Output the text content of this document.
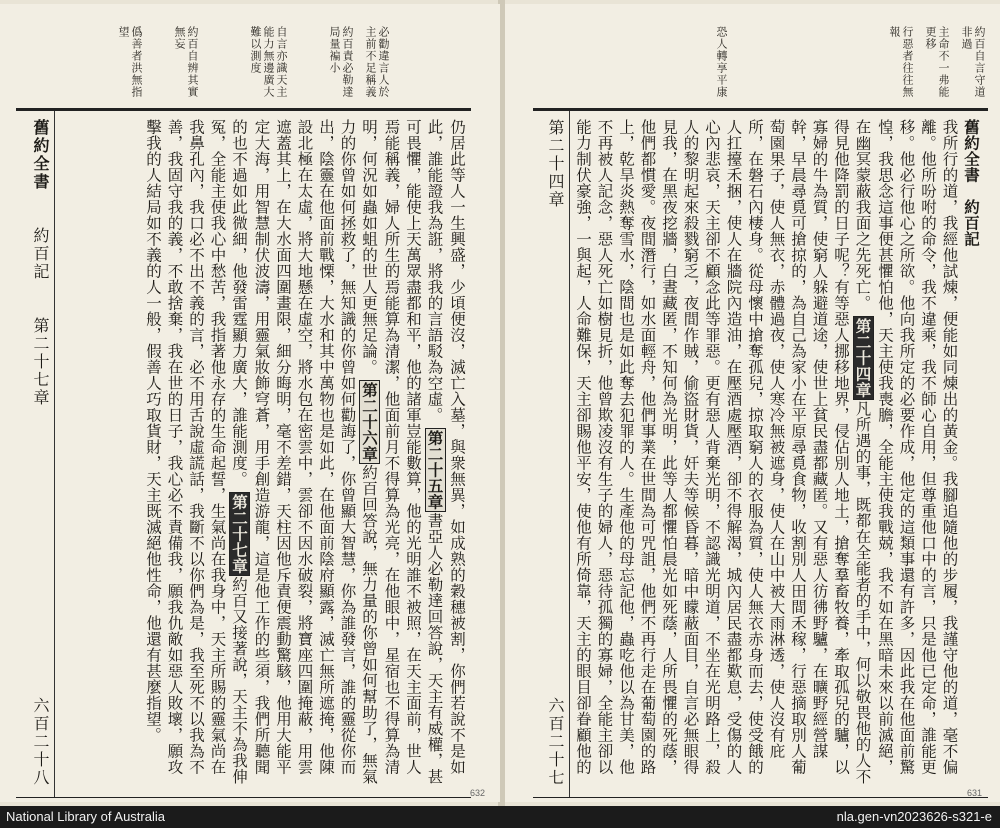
約百自言守道非過
主命不一弗能更移
行惡者往往無報
恐人轉享平康
舊約全書　約百記
我所行的道，我經他試煉，便能如同煉出的黃金。我腳追隨他的步履，我謹守他的道，毫不偏離。他所吩咐的命令，我不違乘，我不師心自用，但尊重他口中的言，只是他已定命，誰能更移。他必行他心之所欲。他向我所定的必要作成，他定的這類事還有許多，因此我在他面前驚惶，我思念這事便甚懼怕他，天主使我喪膽，全能主使我戰兢，我不如在黑暗未來以前滅絕，在幽冥蒙蔽我面之先死亡。 第二十四章凡所遇的事，既都在全能者的手中，何以敬畏他的人不得見他降罰的日子呢？有等惡人挪移地界，侵佔別人地土，搶奪羣畜牧養，牽取孤兒的驢，以寡婦的牛為質，使窮人躲避道途，使世上貧民盡都藏匿。又有惡人彷彿野驢，在曠野經營謀幹，早晨尋覓可搶掠的，為自己為家小在平原尋覓食物，收割別人田間禾稼，行惡摘取別人葡萄園果子，使人無衣，赤體過夜，使人寒冷無被遮身，使人在山中被大雨淋透，使人沒有庇所，在磐石內棲身。從母懷中搶奪孤兒，掠取窮人的衣服為質，使人無衣赤身而去，使受餓的人扛擡禾捆，使人在牆院內造油，在壓酒處壓酒，卻不得解渴，城內居民盡都歎息，受傷的人心內悲哀，天主卻不顧念此等罪惡。更有惡人背棄光明，不認識光明道，不坐在光明路上，殺人的黎明起來殺戮窮乏，夜間作賊，偷盜財貨，奸夫等候昏暮，暗中矇蔽面目，自言必無眼得見我，在黑夜挖牆，白晝藏匿，不知何為光明，此等人都懼怕晨光如死蔭，人所畏懼的死蔭，他們都慣愛。夜間潛行，如水面輕舟，他們事業在世間為可咒詛，他們不再行走在葡萄園的路上，乾旱炎熱奪雪水，陰間也是如此奪去犯罪的人。生產他的母忘記他，蟲吃他以為甘美，他不再被人記念，惡人死亡如樹見折，他曾欺凌沒有生子的婦人，惡待孤獨的寡婦，全能主卻以能力制伏豪強，一與起，人命難保，天主卻賜他平安，使他有所倚靠，天主的眼目卻眷顧他的
第二十四章
六百二十七
631
必勸違言人於主前不足稱義
約百責必勒達局量褊小
自言亦識天主能力無邊廣大難以測度
約百自辨其實無妄
僞善者洪無指望
仍居此等人一生興盛，少頃便沒，滅亡入墓，與衆無異，如成熟的穀穗被割，你們若說不是如此，誰能證我為誑，將我的言語駁為空虛。 第二十五章書亞人必勒達回答說，天主有威權，甚可畏懼，能使上天萬眾盡都和平，他的諸軍豈能數算，他的光明誰不被照，在天主面前，世人焉能稱義，婦人所生的焉能算為清潔，他面前月不得算為光亮，在他眼中，星宿也不得算為清明，何況如蟲如蛆的世人更無足論。 第二十六章約百回答說，無力量的你曾如何幫助了，無氣力的你曾如何拯救了，無知識的你曾如何勸誨了，你曾顯大智慧，你為誰發言，誰的靈從你而出，陰靈在他面前戰慄，大水和其中萬物也是如此，在他面前陰府顯露，滅亡無所遮掩，他陳設北極在太虛，將大地懸在虛空，將水包在密雲中，雲卻不因水破裂，將寶座四圍掩蔽，用雲遮蓋其上，在大水面四圍畫限，細分晦明，毫不差錯，天柱因他斥責便震動驚駭，他用大能平定大海，用智慧制伏波濤，用靈氣妝飾穹蒼，用手創造游龍，這是他工作的些須，我們所聽聞的也不過如此微細，他發雷霆顯力廣大，誰能測度。 第二十七章約百又接著說，天主不為我伸冤，全能主使我心中愁苦，我指著他永存的生命起誓，生氣尚在我身中，天主所賜的靈氣尚在我鼻孔內，我口必不出不義的言，必不用舌說虛謊話，我斷不以你們為是，我至死不以我為不善，我固守我的義，不敢捨棄，我在世的日子，我心必不責備我，願我仇敵如惡人敗壞，願攻擊我的人結局如不義的人一般，假善人巧取貨財，天主既滅絕他性命，他還有甚麼指望。
舊約全書　　約百記　　第二十七章
六百二十八
632
National Library of Australia	nla.gen-vn2023626-s321-e
